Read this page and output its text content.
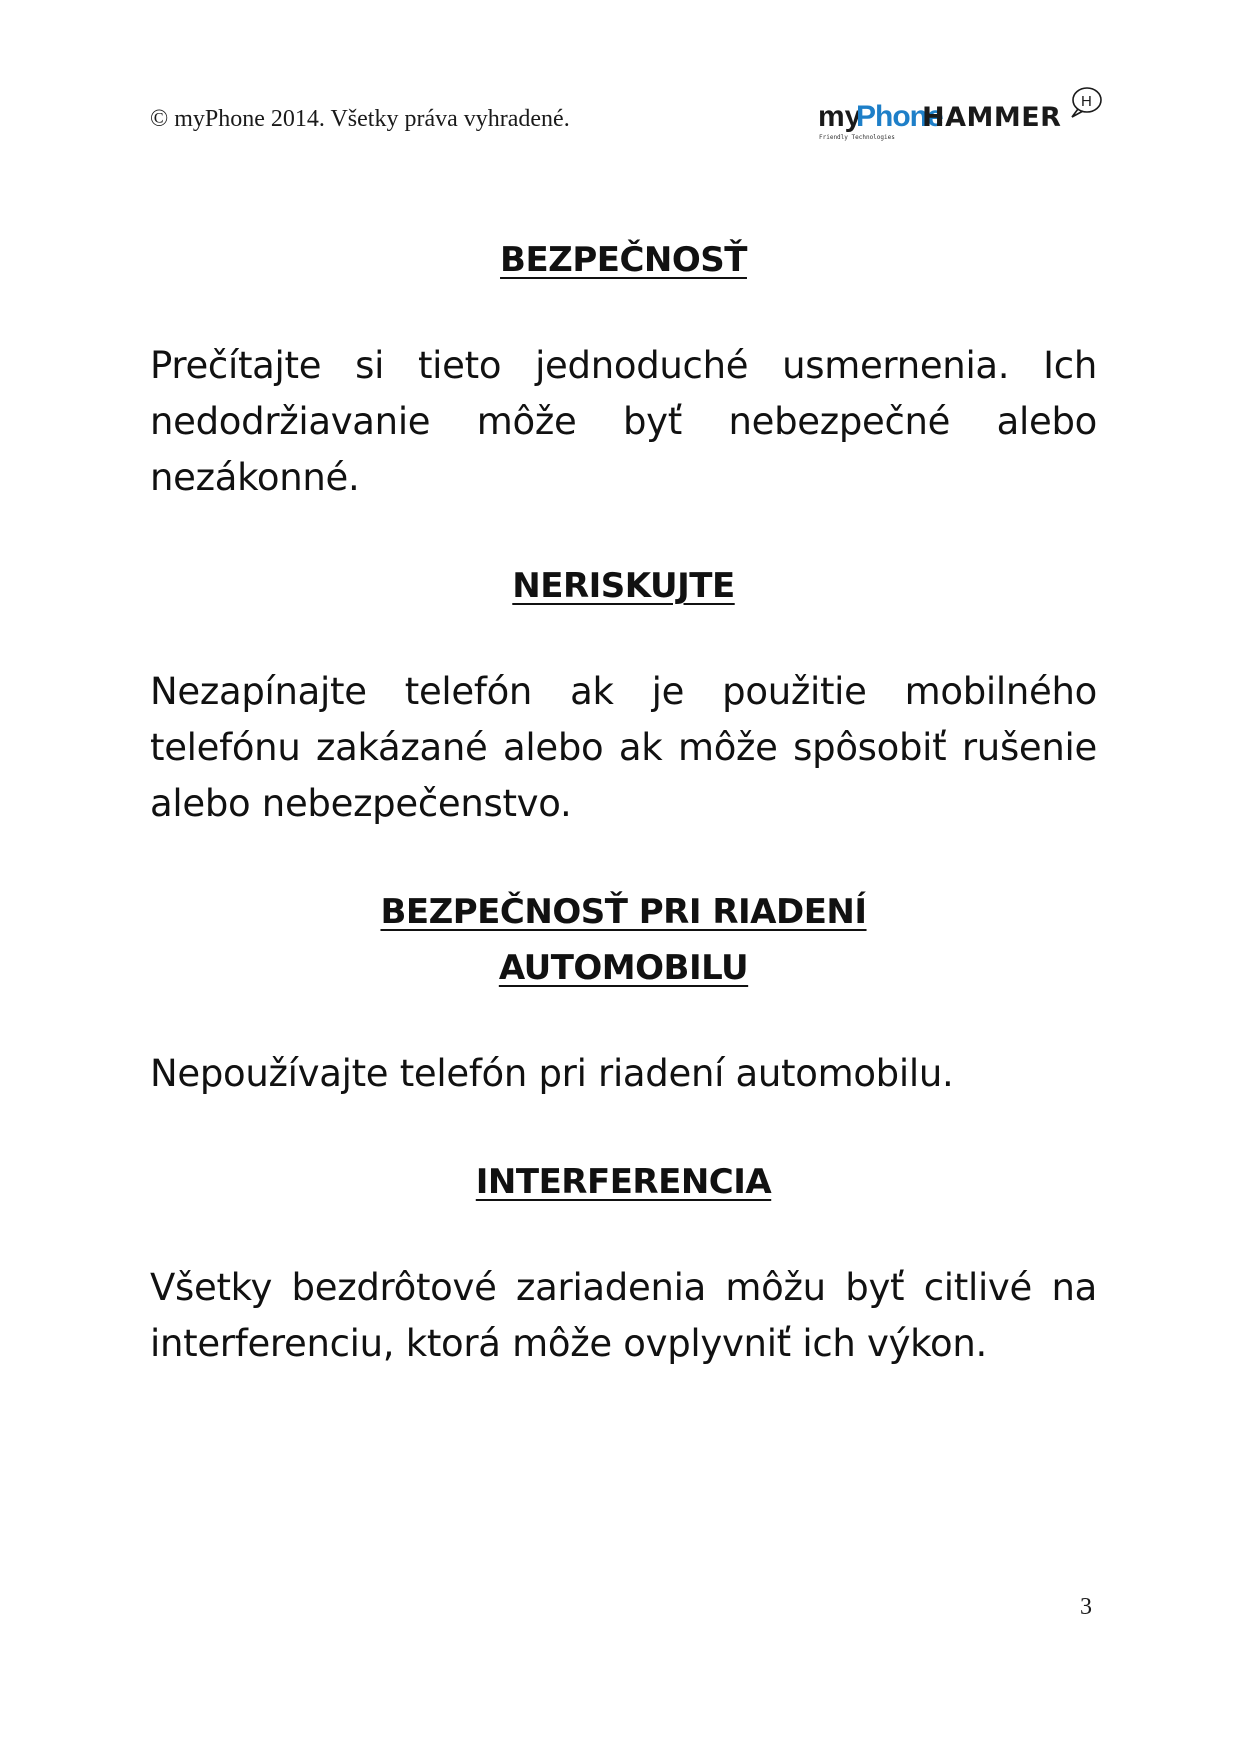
© myPhone 2014. Všetky práva vyhradené.	my
Phone
Friendly Technologies
HAMMER
H
BEZPEČNOSŤ

Prečítajte si tieto jednoduché usmernenia. Ich nedodržiavanie môže byť nebezpečné alebo nezákonné.

NERISKUJTE

Nezapínajte telefón ak je použitie mobilného telefónu zakázané alebo ak môže spôsobiť rušenie alebo nebezpečenstvo.

BEZPEČNOSŤ PRI RIADENÍ
AUTOMOBILU

Nepoužívajte telefón pri riadení automobilu.

INTERFERENCIA

Všetky bezdrôtové zariadenia môžu byť citlivé na interferenciu, ktorá môže ovplyvniť ich výkon.

3
